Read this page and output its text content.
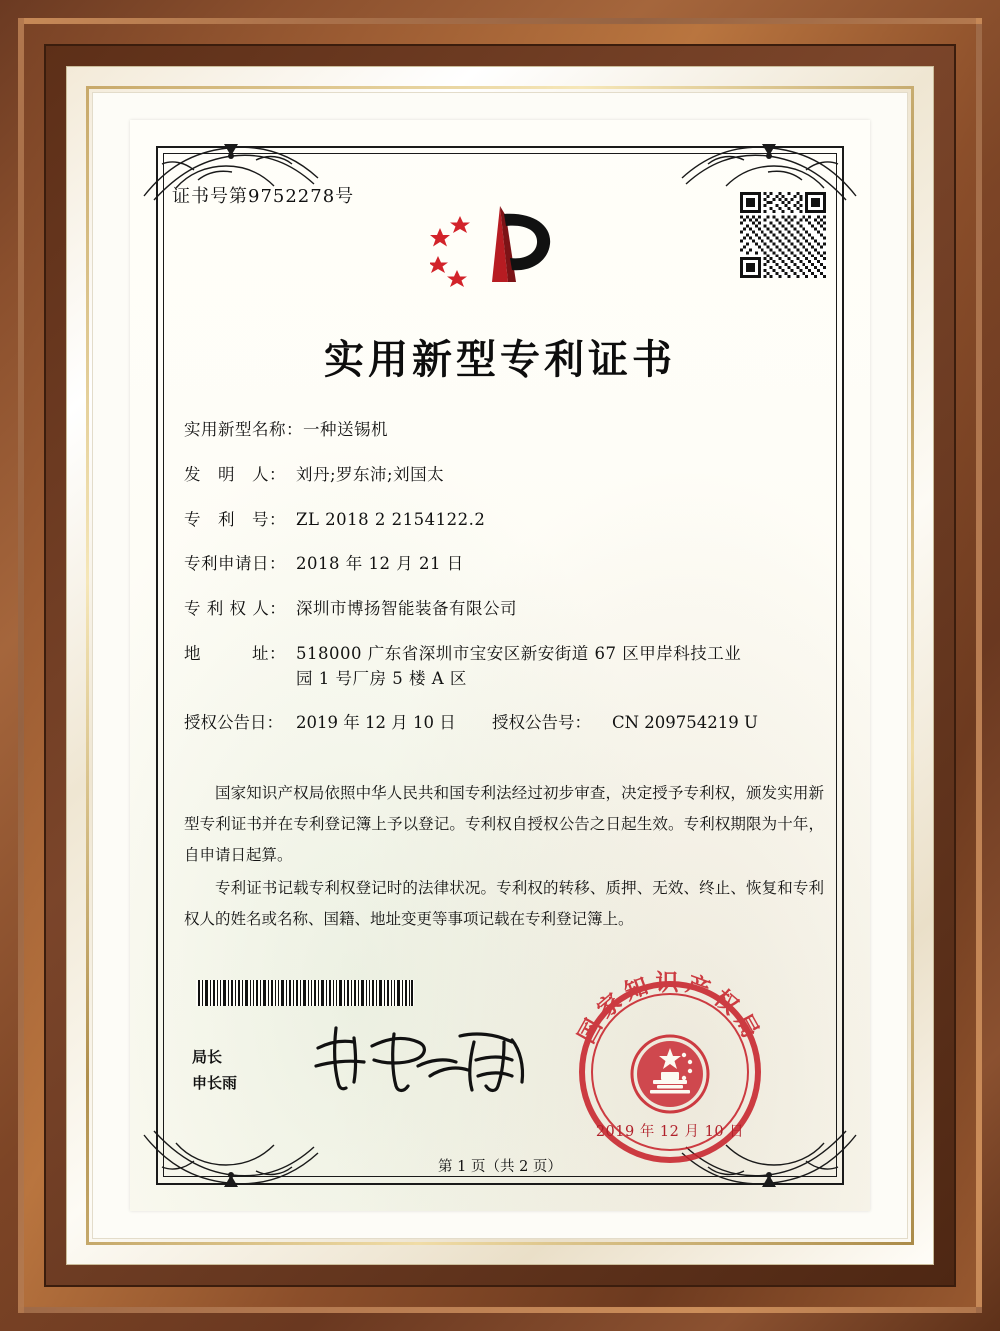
证书号第9752278号
实用新型专利证书
实用新型名称： 一种送锡机
发　明　人： 刘丹;罗东沛;刘国太
专　利　号： ZL 2018 2 2154122.2
专利申请日： 2018 年 12 月 21 日
专 利 权 人： 深圳市博扬智能装备有限公司
地　　　址： 518000 广东省深圳市宝安区新安街道 67 区甲岸科技工业
园 1 号厂房 5 楼 A 区
授权公告日： 2019 年 12 月 10 日	授权公告号：	CN 209754219 U

国家知识产权局依照中华人民共和国专利法经过初步审查，决定授予专利权，颁发实用新型专利证书并在专利登记簿上予以登记。专利权自授权公告之日起生效。专利权期限为十年，自申请日起算。

专利证书记载专利权登记时的法律状况。专利权的转移、质押、无效、终止、恢复和专利权人的姓名或名称、国籍、地址变更等事项记载在专利登记簿上。

局长
申长雨
国家知识产权局
2019 年 12 月 10 日
第 1 页（共 2 页）
